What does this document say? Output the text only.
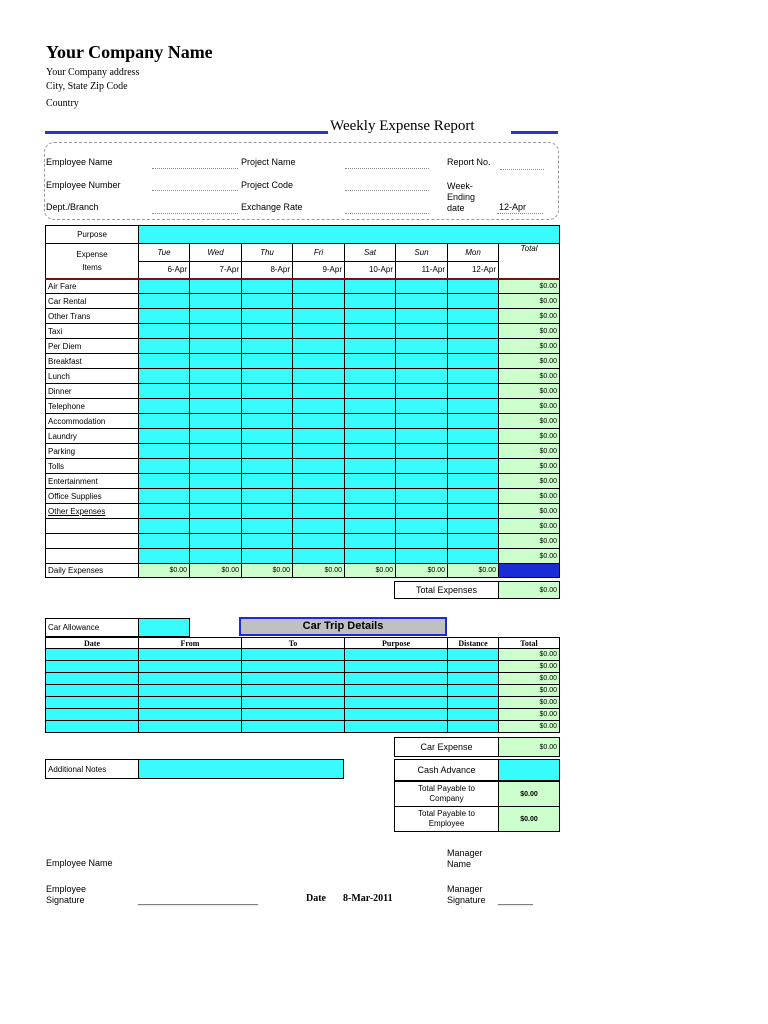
Your Company Name
Your Company address
City, State Zip Code
Country
Weekly Expense Report
Employee Name
Employee Number
Dept./Branch
Project Name
Project Code
Exchange Rate
Report No.
Week-
Ending
date	12-Apr
Purpose								

Expense
Items	Tue	Wed	Thu	Fri	Sat	Sun	Mon	Total
	6-Apr	7-Apr	8-Apr	9-Apr	10-Apr	11-Apr	12-Apr	
Air Fare								$0.00
Car Rental								$0.00
Other Trans								$0.00
Taxi								$0.00
Per Diem								$0.00
Breakfast								$0.00
Lunch								$0.00
Dinner								$0.00
Telephone								$0.00
Accommodation								$0.00
Laundry								$0.00
Parking								$0.00
Tolls								$0.00
Entertainment								$0.00
Office Supplies								$0.00
Other Expenses								$0.00
								$0.00
								$0.00
								$0.00
Daily Expenses	$0.00	$0.00	$0.00	$0.00	$0.00	$0.00	$0.00	
Total Expenses	$0.00
Car Allowance		Car Trip Details
Date	From	To	Purpose	Distance	Total
					$0.00
					$0.00
					$0.00
					$0.00
					$0.00
					$0.00
					$0.00
Car Expense	$0.00
Additional Notes		Cash Advance	
Total Payable to
Company	$0.00
Total Payable to
Employee	$0.00
Employee Name
Employee
Signature	________________________	Date 8-Mar-2011
Manager
Name
Manager
Signature _______
